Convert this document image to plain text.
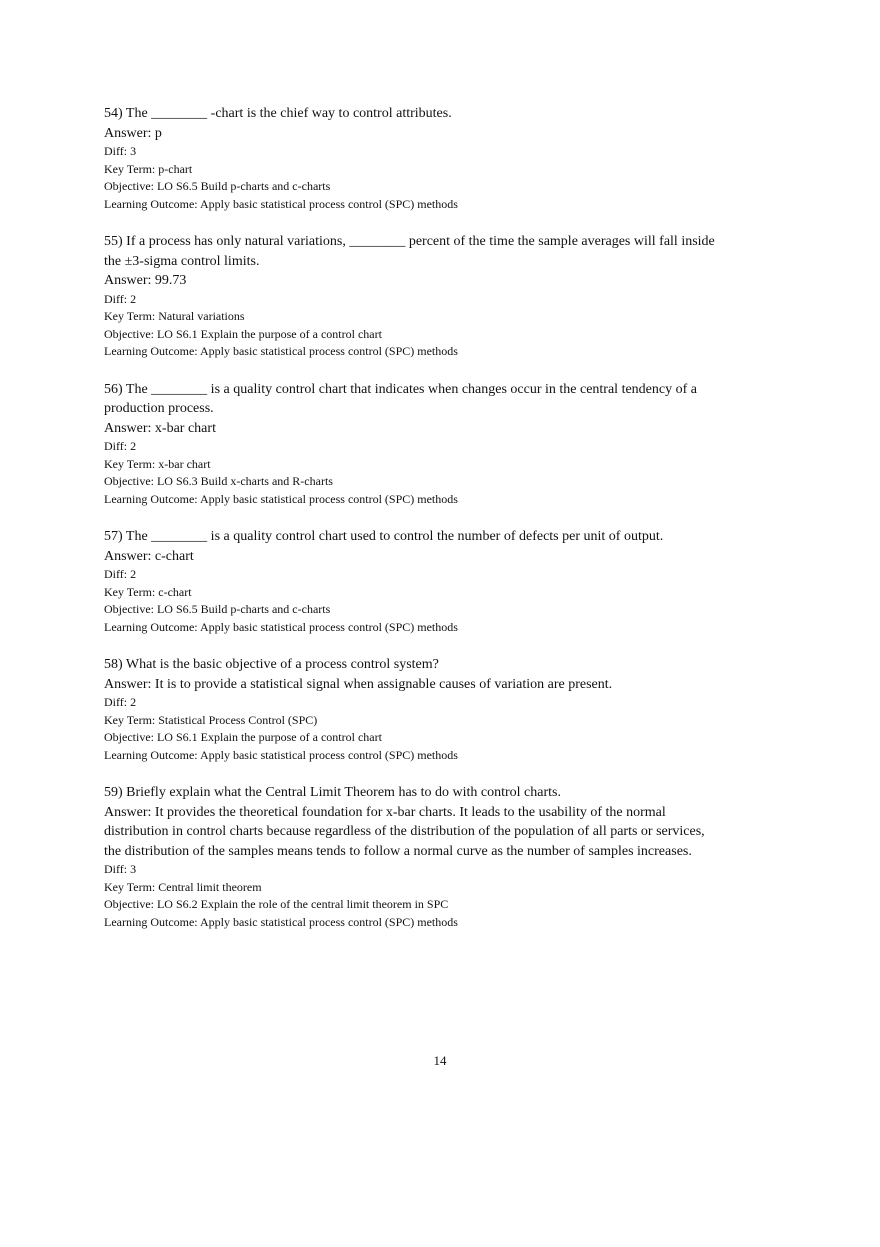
54) The ________ -chart is the chief way to control attributes.

Answer: p

Diff: 3

Key Term: p-chart

Objective: LO S6.5 Build p-charts and c-charts

Learning Outcome: Apply basic statistical process control (SPC) methods

55) If a process has only natural variations, ________ percent of the time the sample averages will fall inside the ±3-sigma control limits.

Answer: 99.73

Diff: 2

Key Term: Natural variations

Objective: LO S6.1 Explain the purpose of a control chart

Learning Outcome: Apply basic statistical process control (SPC) methods

56) The ________ is a quality control chart that indicates when changes occur in the central tendency of a production process.

Answer: x-bar chart

Diff: 2

Key Term: x-bar chart

Objective: LO S6.3 Build x-charts and R-charts

Learning Outcome: Apply basic statistical process control (SPC) methods

57) The ________ is a quality control chart used to control the number of defects per unit of output.

Answer: c-chart

Diff: 2

Key Term: c-chart

Objective: LO S6.5 Build p-charts and c-charts

Learning Outcome: Apply basic statistical process control (SPC) methods

58) What is the basic objective of a process control system?

Answer: It is to provide a statistical signal when assignable causes of variation are present.

Diff: 2

Key Term: Statistical Process Control (SPC)

Objective: LO S6.1 Explain the purpose of a control chart

Learning Outcome: Apply basic statistical process control (SPC) methods

59) Briefly explain what the Central Limit Theorem has to do with control charts.

Answer: It provides the theoretical foundation for x-bar charts. It leads to the usability of the normal distribution in control charts because regardless of the distribution of the population of all parts or services, the distribution of the samples means tends to follow a normal curve as the number of samples increases.

Diff: 3

Key Term: Central limit theorem

Objective: LO S6.2 Explain the role of the central limit theorem in SPC

Learning Outcome: Apply basic statistical process control (SPC) methods

14
